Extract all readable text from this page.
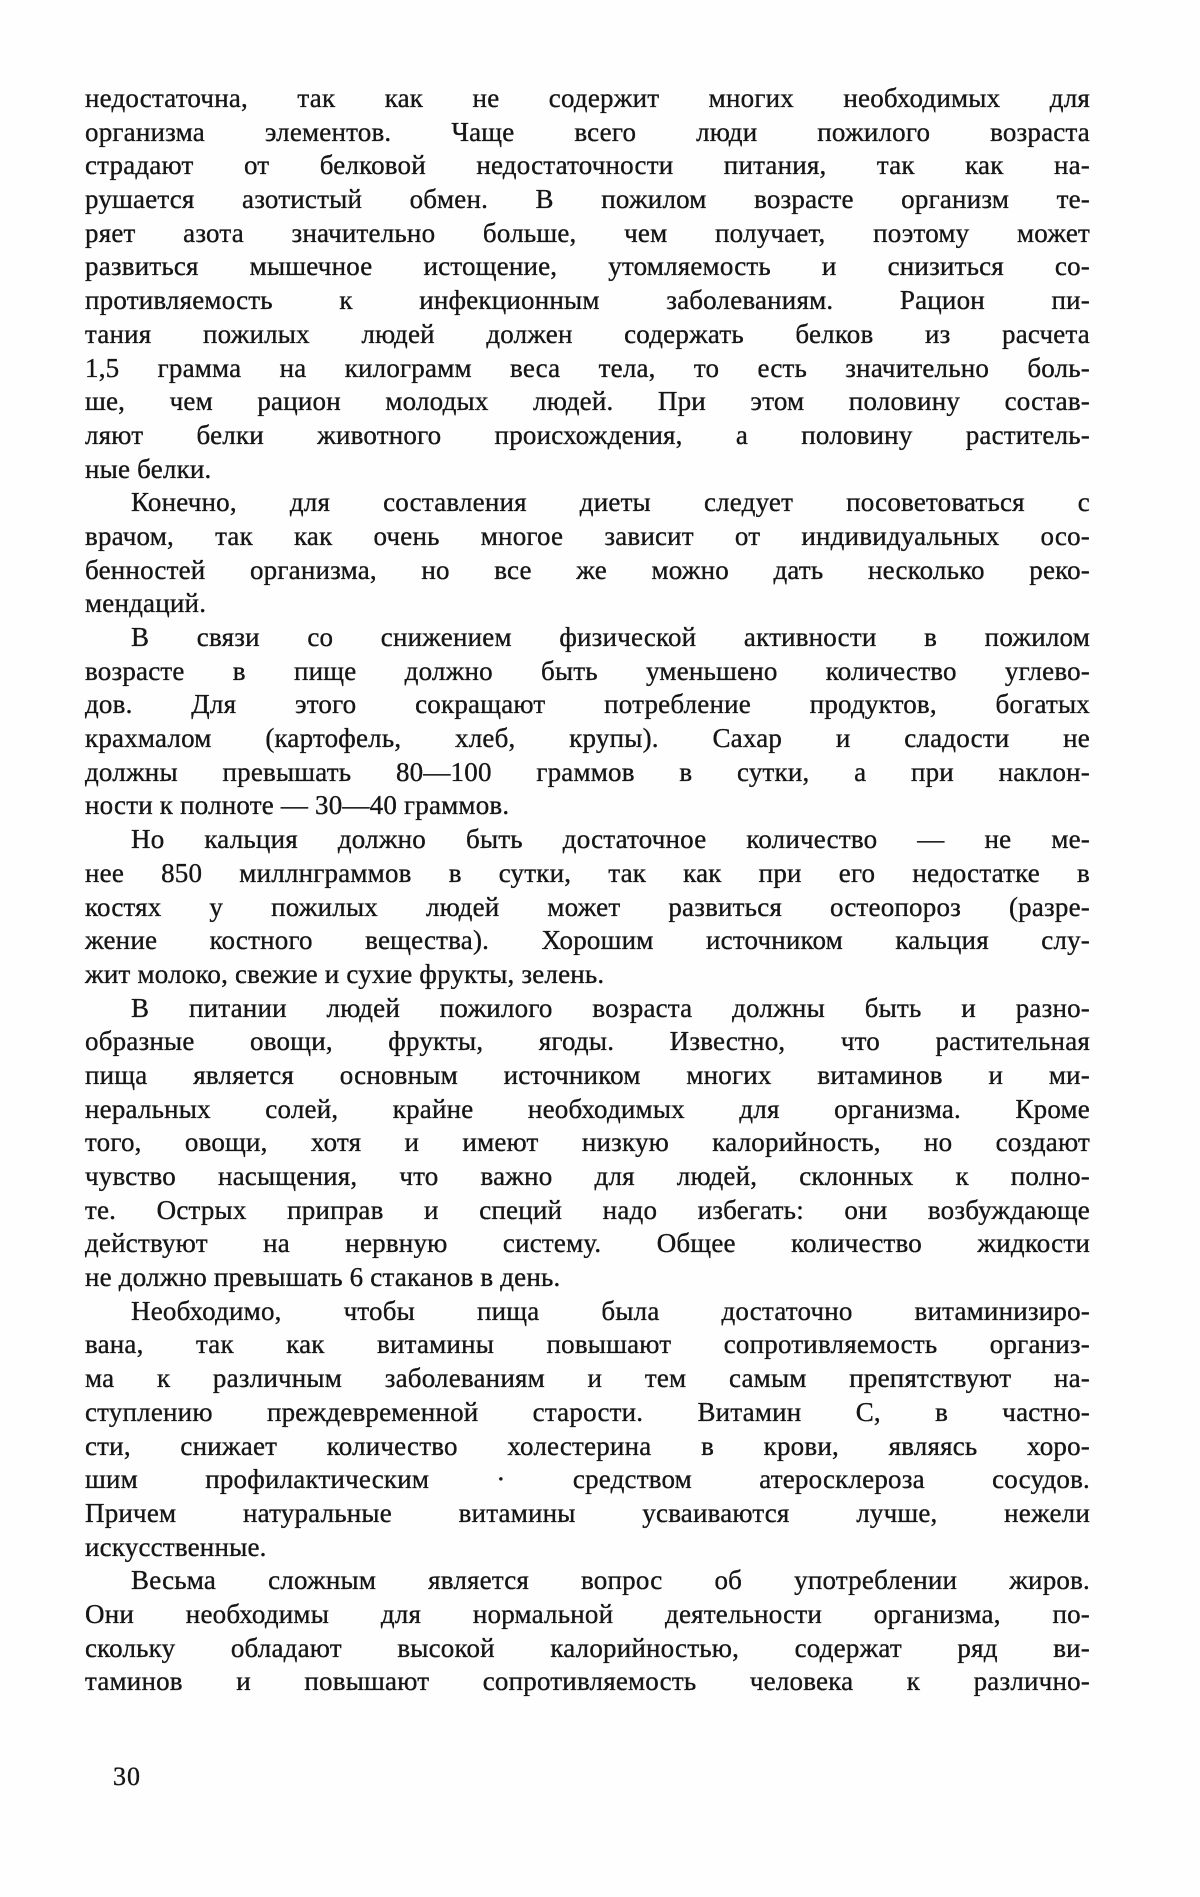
недостаточна, так как не содержит многих необходимых для
организма элементов. Чаще всего люди пожилого возраста
страдают от белковой недостаточности питания, так как на-
рушается азотистый обмен. В пожилом возрасте организм те-
ряет азота значительно больше, чем получает, поэтому может
развиться мышечное истощение, утомляемость и снизиться со-
противляемость к инфекционным заболеваниям. Рацион пи-
тания пожилых людей должен содержать белков из расчета
1,5 грамма на килограмм веса тела, то есть значительно боль-
ше, чем рацион молодых людей. При этом половину состав-
ляют белки животного происхождения, а половину раститель-
ные белки.
Конечно, для составления диеты следует посоветоваться с
врачом, так как очень многое зависит от индивидуальных осо-
бенностей организма, но все же можно дать несколько реко-
мендаций.
В связи со снижением физической активности в пожилом
возрасте в пище должно быть уменьшено количество углево-
дов. Для этого сокращают потребление продуктов, богатых
крахмалом (картофель, хлеб, крупы). Сахар и сладости не
должны превышать 80—100 граммов в сутки, а при наклон-
ности к полноте — 30—40 граммов.
Но кальция должно быть достаточное количество — не ме-
нее 850 миллнграммов в сутки, так как при его недостатке в
костях у пожилых людей может развиться остеопороз (разре-
жение костного вещества). Хорошим источником кальция слу-
жит молоко, свежие и сухие фрукты, зелень.
В питании людей пожилого возраста должны быть и разно-
образные овощи, фрукты, ягоды. Известно, что растительная
пища является основным источником многих витаминов и ми-
неральных солей, крайне необходимых для организма. Кроме
того, овощи, хотя и имеют низкую калорийность, но создают
чувство насыщения, что важно для людей, склонных к полно-
те. Острых приправ и специй надо избегать: они возбуждающе
действуют на нервную систему. Общее количество жидкости
не должно превышать 6 стаканов в день.
Необходимо, чтобы пища была достаточно витаминизиро-
вана, так как витамины повышают сопротивляемость организ-
ма к различным заболеваниям и тем самым препятствуют на-
ступлению преждевременной старости. Витамин С, в частно-
сти, снижает количество холестерина в крови, являясь хоро-
шим профилактическим · средством атеросклероза сосудов.
Причем натуральные витамины усваиваются лучше, нежели
искусственные.
Весьма сложным является вопрос об употреблении жиров.
Они необходимы для нормальной деятельности организма, по-
скольку обладают высокой калорийностью, содержат ряд ви-
таминов и повышают сопротивляемость человека к различно-
30
